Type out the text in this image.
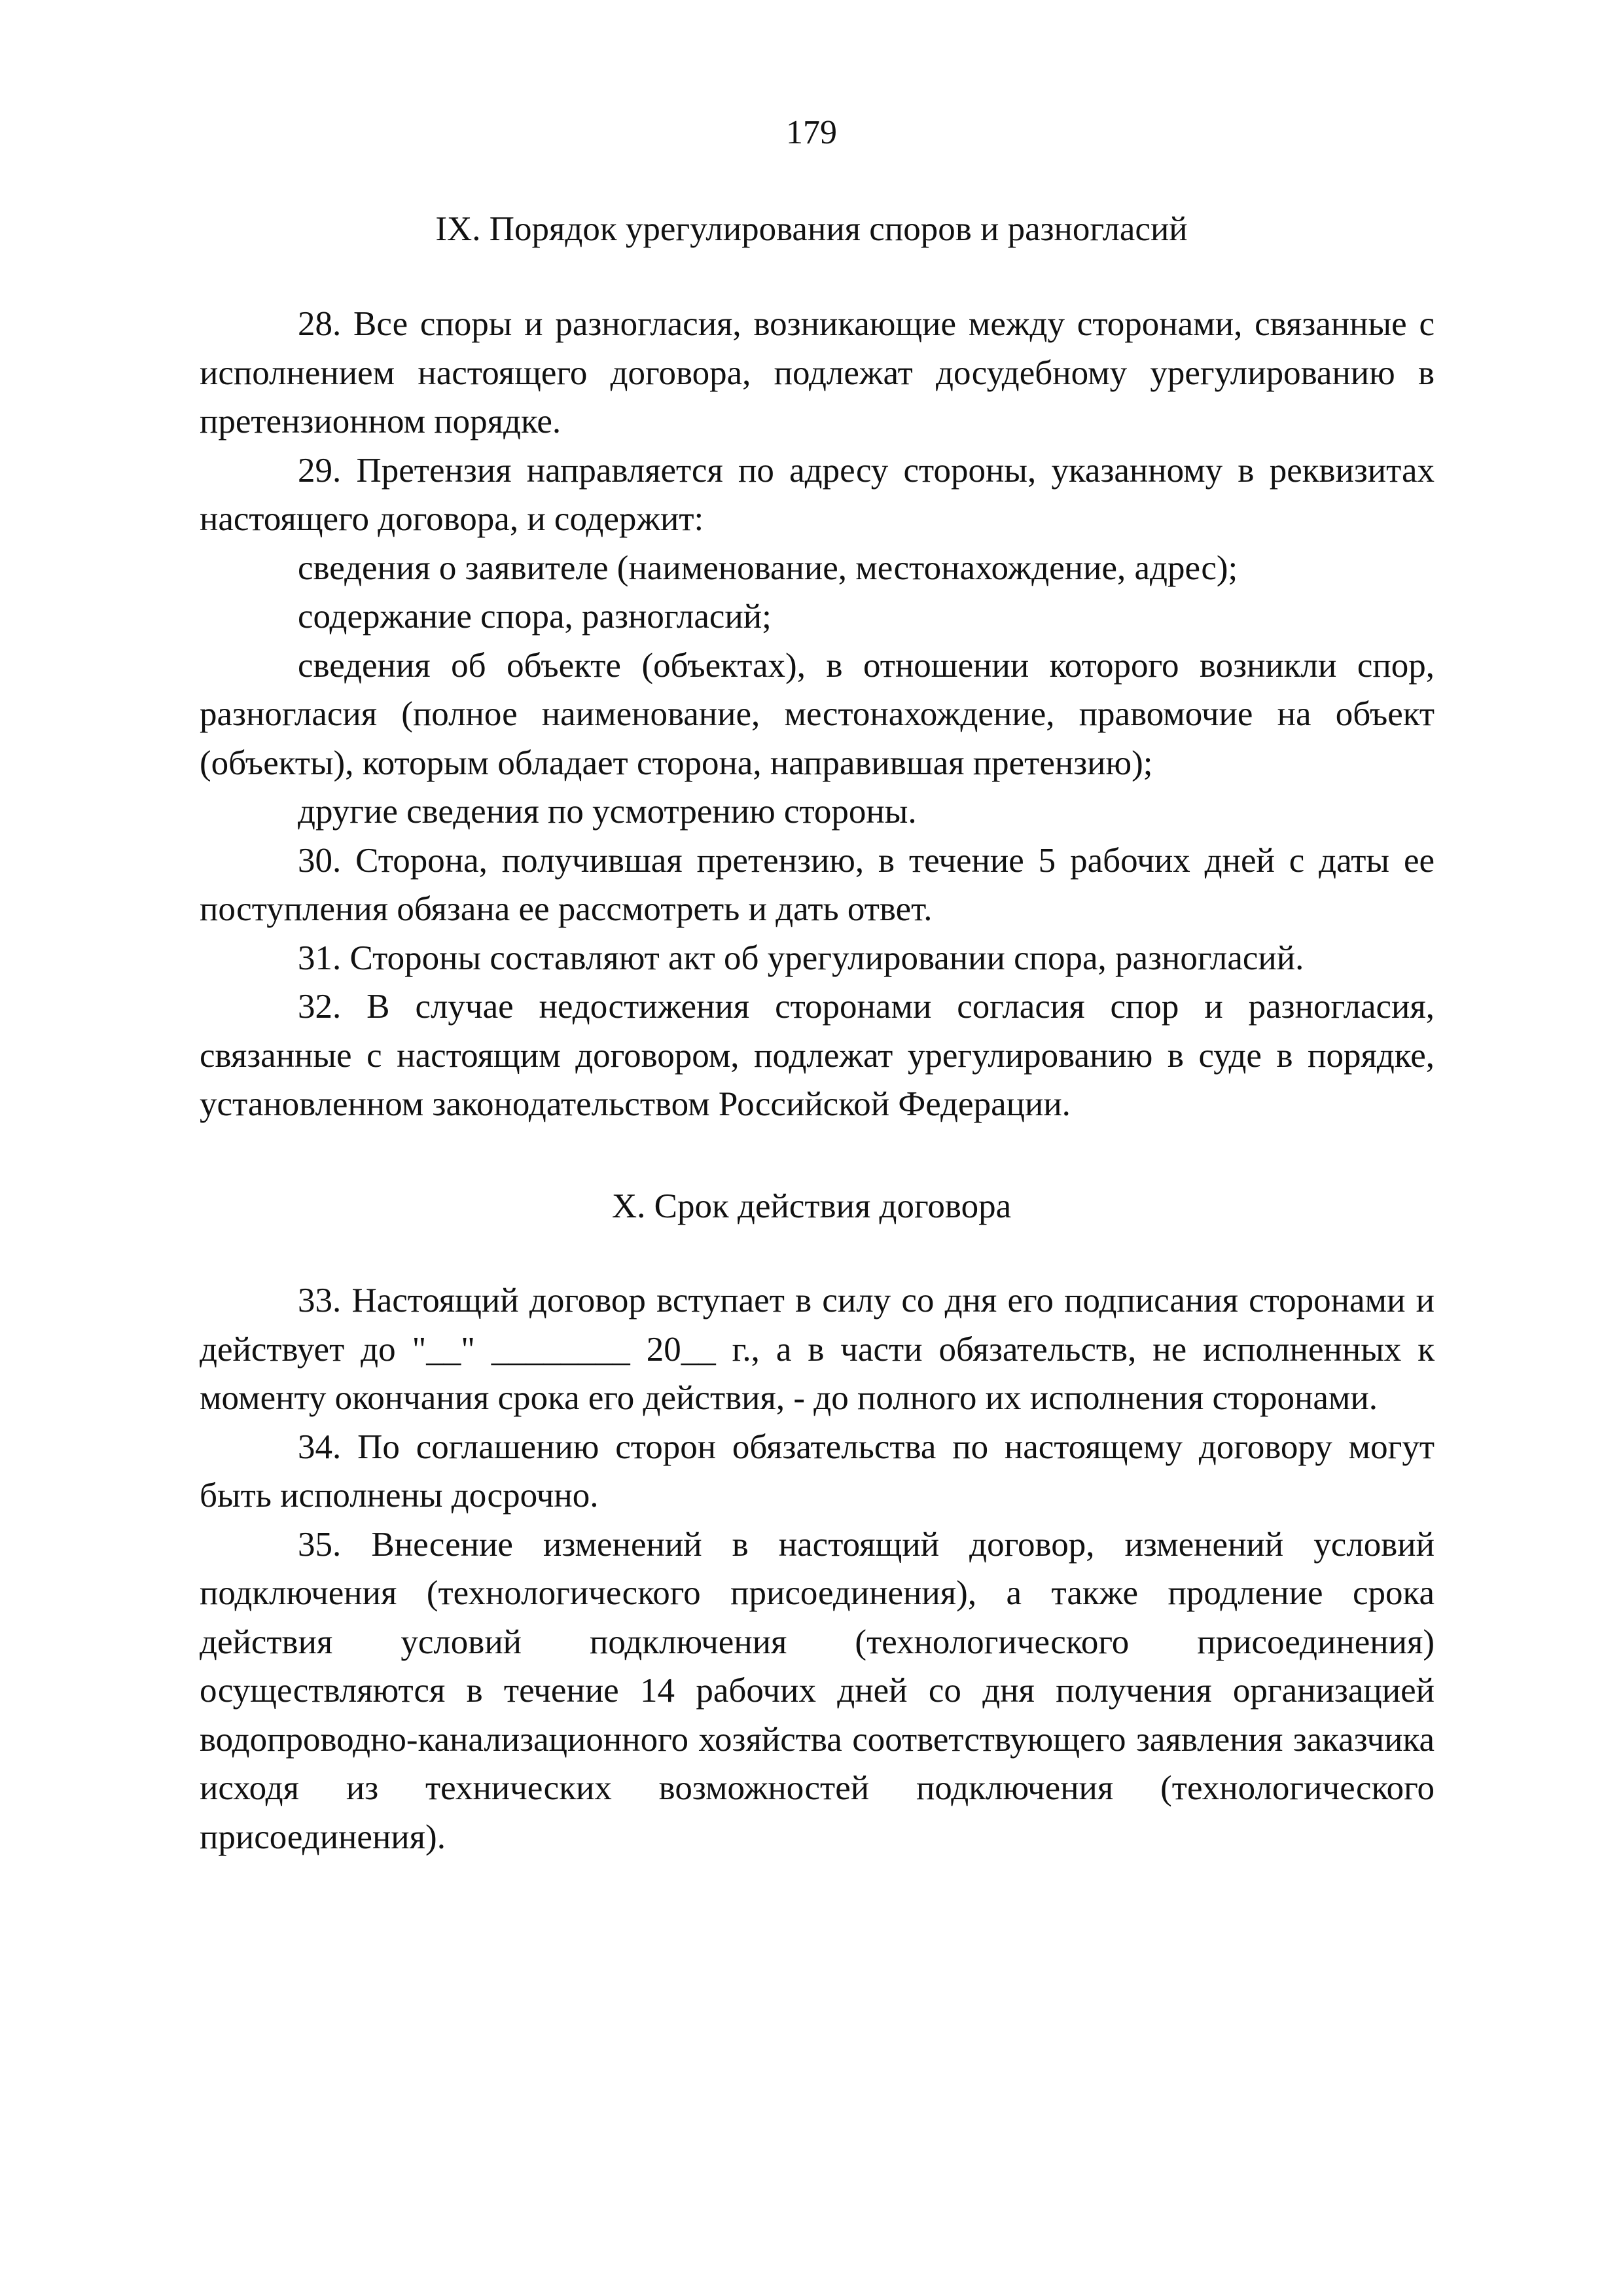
179
IX. Порядок урегулирования споров и разногласий

28. Все споры и разногласия, возникающие между сторонами, связанные с исполнением настоящего договора, подлежат досудебному урегулированию в претензионном порядке.

29. Претензия направляется по адресу стороны, указанному в реквизитах настоящего договора, и содержит:

сведения о заявителе (наименование, местонахождение, адрес);

содержание спора, разногласий;

сведения об объекте (объектах), в отношении которого возникли спор, разногласия (полное наименование, местонахождение, правомочие на объект (объекты), которым обладает сторона, направившая претензию);

другие сведения по усмотрению стороны.

30. Сторона, получившая претензию, в течение 5 рабочих дней с даты ее поступления обязана ее рассмотреть и дать ответ.

31. Стороны составляют акт об урегулировании спора, разногласий.

32. В случае недостижения сторонами согласия спор и разногласия, связанные с настоящим договором, подлежат урегулированию в суде в порядке, установленном законодательством Российской Федерации.

X. Срок действия договора

33. Настоящий договор вступает в силу со дня его подписания сторонами и действует до "__" ________ 20__ г., а в части обязательств, не исполненных к моменту окончания срока его действия, - до полного их исполнения сторонами.

34. По соглашению сторон обязательства по настоящему договору могут быть исполнены досрочно.

35. Внесение изменений в настоящий договор, изменений условий подключения (технологического присоединения), а также продление срока действия условий подключения (технологического присоединения) осуществляются в течение 14 рабочих дней со дня получения организацией водопроводно-канализационного хозяйства соответствующего заявления заказчика исходя из технических возможностей подключения (технологического присоединения).
